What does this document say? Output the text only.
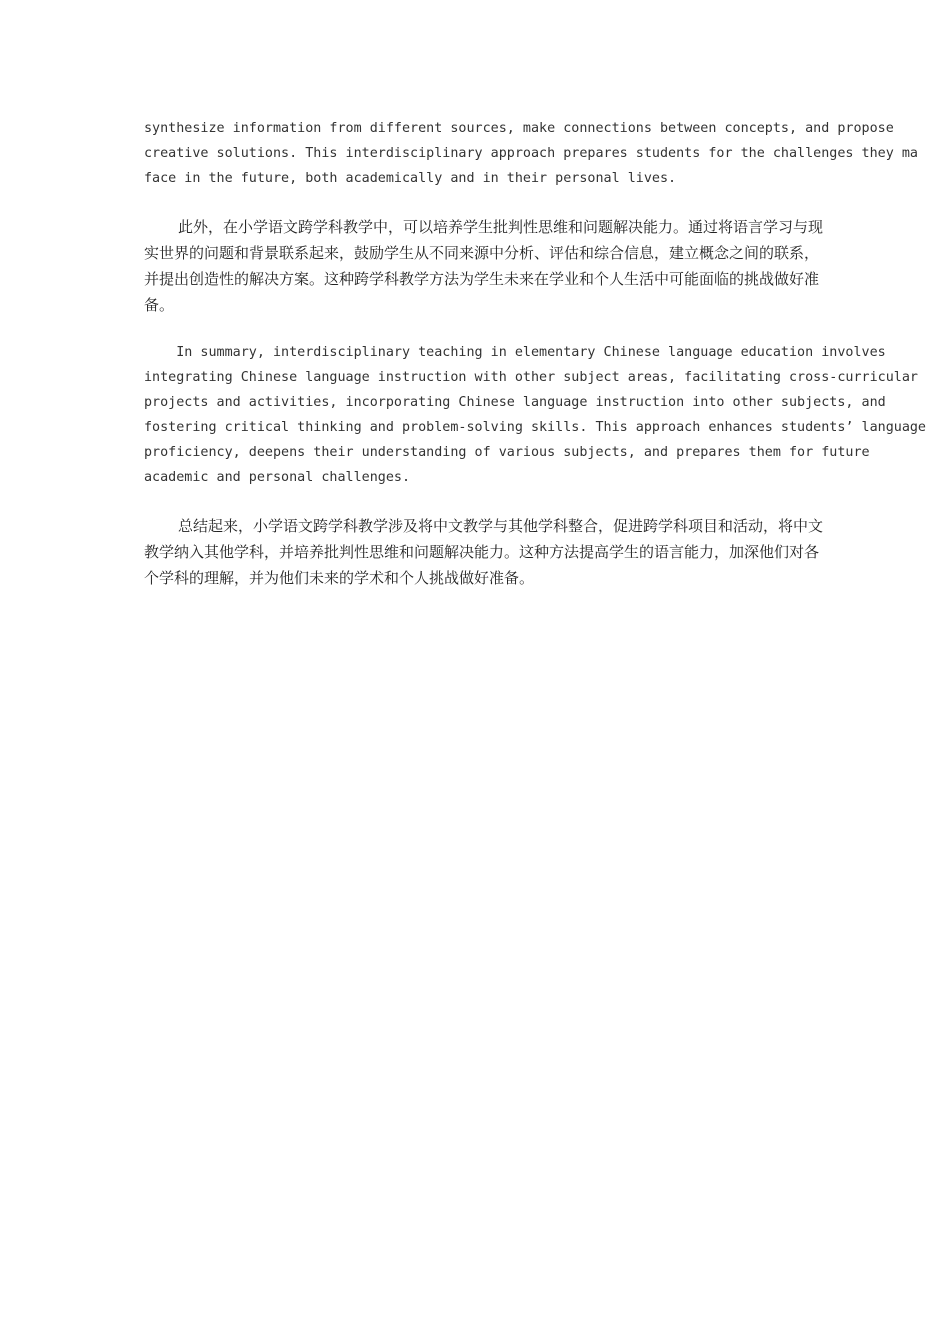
synthesize information from different sources, make connections between concepts, and propose
creative solutions. This interdisciplinary approach prepares students for the challenges they ma
face in the future, both academically and in their personal lives.

此外，在小学语文跨学科教学中，可以培养学生批判性思维和问题解决能力。通过将语言学习与现实世界的问题和背景联系起来，鼓励学生从不同来源中分析、评估和综合信息，建立概念之间的联系，并提出创造性的解决方案。这种跨学科教学方法为学生未来在学业和个人生活中可能面临的挑战做好准备。

In summary, interdisciplinary teaching in elementary Chinese language education involves
integrating Chinese language instruction with other subject areas, facilitating cross-curricular
projects and activities, incorporating Chinese language instruction into other subjects, and
fostering critical thinking and problem-solving skills. This approach enhances students’ language
proficiency, deepens their understanding of various subjects, and prepares them for future
academic and personal challenges.

总结起来，小学语文跨学科教学涉及将中文教学与其他学科整合，促进跨学科项目和活动，将中文教学纳入其他学科，并培养批判性思维和问题解决能力。这种方法提高学生的语言能力，加深他们对各个学科的理解，并为他们未来的学术和个人挑战做好准备。
